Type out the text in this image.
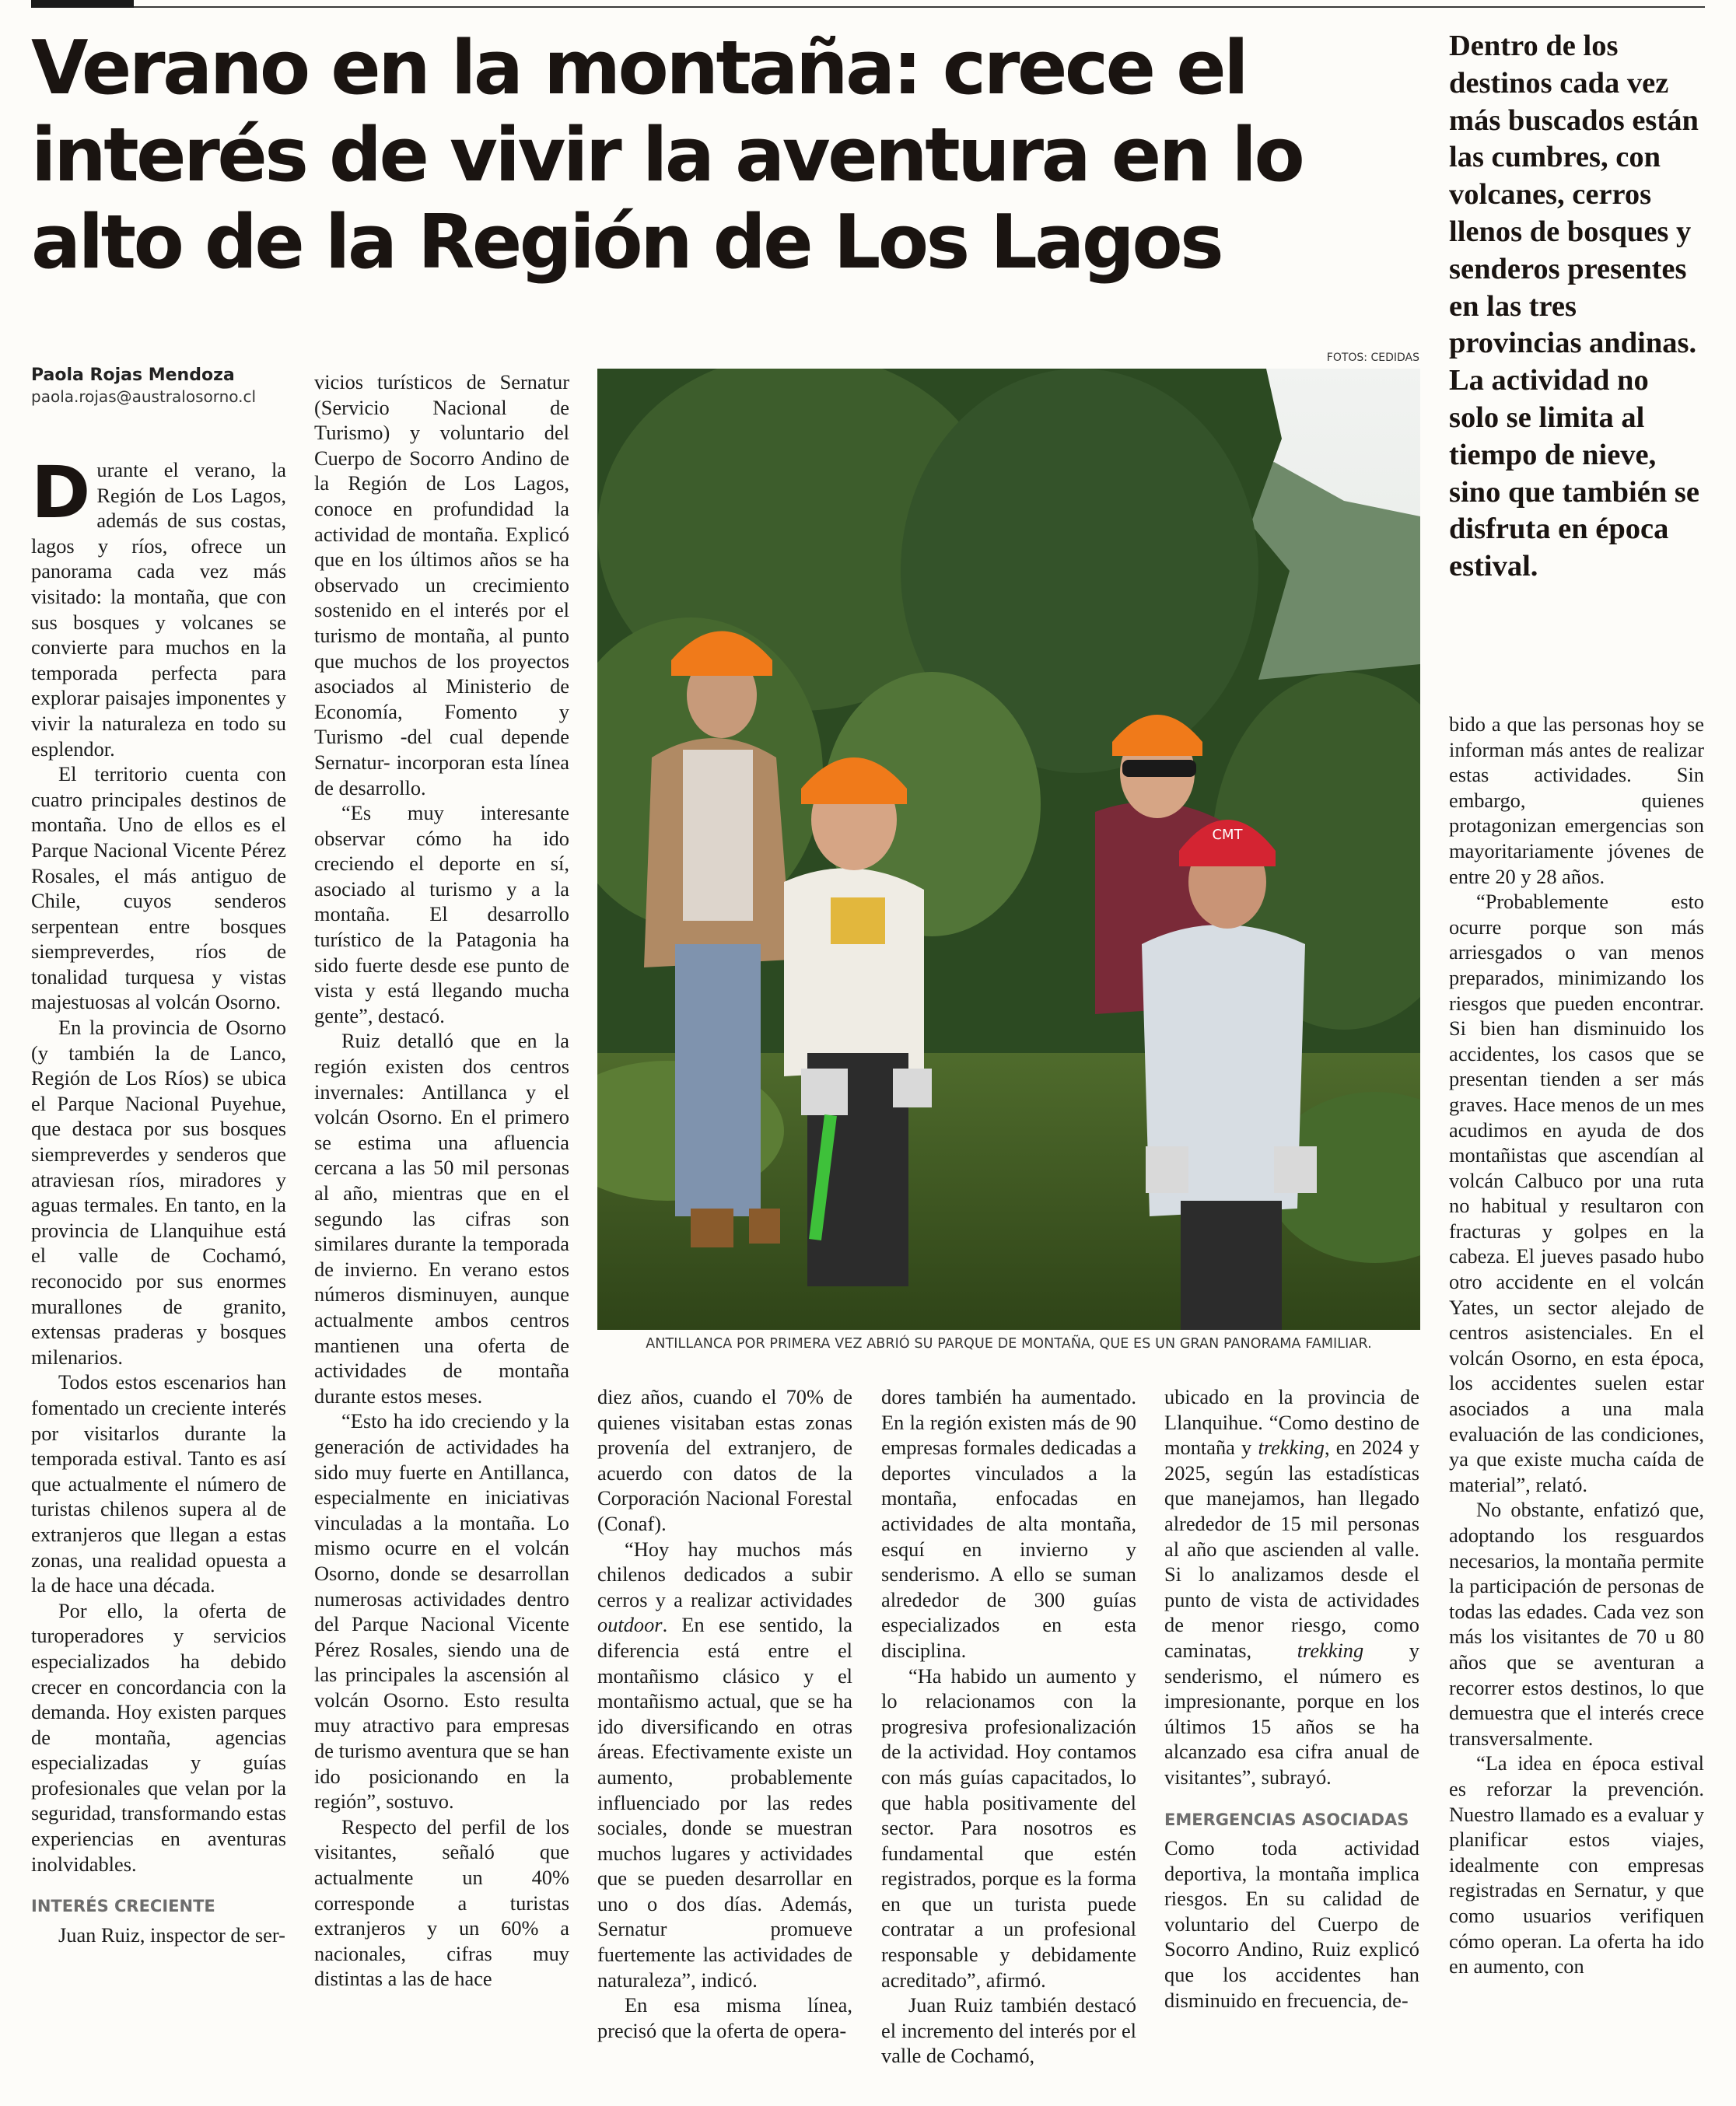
Verano en la montaña: crece el interés de vivir la aventura en lo alto de la Región de Los Lagos
Dentro de los destinos cada vez más buscados están las cumbres, con volcanes, cerros llenos de bosques y senderos presentes en las tres provincias andinas. La actividad no solo se limita al tiempo de nieve, sino que también se disfruta en época estival.
FOTOS: CEDIDAS
Paola Rojas Mendoza
paola.rojas@australosorno.cl

Durante el verano, la Región de Los Lagos, además de sus costas, lagos y ríos, ofrece un panorama cada vez más visitado: la montaña, que con sus bosques y volcanes se convierte para muchos en la temporada perfecta para explorar paisajes imponentes y vivir la naturaleza en todo su esplendor.

El territorio cuenta con cuatro principales destinos de montaña. Uno de ellos es el Parque Nacional Vicente Pérez Rosales, el más antiguo de Chile, cuyos senderos serpentean entre bosques siempreverdes, ríos de tonalidad turquesa y vistas majestuosas al volcán Osorno.

En la provincia de Osorno (y también la de Lanco, Región de Los Ríos) se ubica el Parque Nacional Puyehue, que destaca por sus bosques siempreverdes y senderos que atraviesan ríos, miradores y aguas termales. En tanto, en la provincia de Llanquihue está el valle de Cochamó, reconocido por sus enormes murallones de granito, extensas praderas y bosques milenarios.

Todos estos escenarios han fomentado un creciente interés por visitarlos durante la temporada estival. Tanto es así que actualmente el número de turistas chilenos supera al de extranjeros que llegan a estas zonas, una realidad opuesta a la de hace una década.

Por ello, la oferta de turoperadores y servicios especializados ha debido crecer en concordancia con la demanda. Hoy existen parques de montaña, agencias especializadas y guías profesionales que velan por la seguridad, transformando estas experiencias en aventuras inolvidables.

INTERÉS CRECIENTE

Juan Ruiz, inspector de ser-

vicios turísticos de Sernatur (Servicio Nacional de Turismo) y voluntario del Cuerpo de Socorro Andino de la Región de Los Lagos, conoce en profundidad la actividad de montaña. Explicó que en los últimos años se ha observado un crecimiento sostenido en el interés por el turismo de montaña, al punto que muchos de los proyectos asociados al Ministerio de Economía, Fomento y Turismo -del cual depende Sernatur- incorporan esta línea de desarrollo.

“Es muy interesante observar cómo ha ido creciendo el deporte en sí, asociado al turismo y a la montaña. El desarrollo turístico de la Patagonia ha sido fuerte desde ese punto de vista y está llegando mucha gente”, destacó.

Ruiz detalló que en la región existen dos centros invernales: Antillanca y el volcán Osorno. En el primero se estima una afluencia cercana a las 50 mil personas al año, mientras que en el segundo las cifras son similares durante la temporada de invierno. En verano estos números disminuyen, aunque actualmente ambos centros mantienen una oferta de actividades de montaña durante estos meses.

“Esto ha ido creciendo y la generación de actividades ha sido muy fuerte en Antillanca, especialmente en iniciativas vinculadas a la montaña. Lo mismo ocurre en el volcán Osorno, donde se desarrollan numerosas actividades dentro del Parque Nacional Vicente Pérez Rosales, siendo una de las principales la ascensión al volcán Osorno. Esto resulta muy atractivo para empresas de turismo aventura que se han ido posicionando en la región”, sostuvo.

Respecto del perfil de los visitantes, señaló que actualmente un 40% corresponde a turistas extranjeros y un 60% a nacionales, cifras muy distintas a las de hace

CMT
ANTILLANCA POR PRIMERA VEZ ABRIÓ SU PARQUE DE MONTAÑA, QUE ES UN GRAN PANORAMA FAMILIAR.

diez años, cuando el 70% de quienes visitaban estas zonas provenía del extranjero, de acuerdo con datos de la Corporación Nacional Forestal (Conaf).

“Hoy hay muchos más chilenos dedicados a subir cerros y a realizar actividades outdoor. En ese sentido, la diferencia está entre el montañismo clásico y el montañismo actual, que se ha ido diversificando en otras áreas. Efectivamente existe un aumento, probablemente influenciado por las redes sociales, donde se muestran muchos lugares y actividades que se pueden desarrollar en uno o dos días. Además, Sernatur promueve fuertemente las actividades de naturaleza”, indicó.

En esa misma línea, precisó que la oferta de opera-

dores también ha aumentado. En la región existen más de 90 empresas formales dedicadas a deportes vinculados a la montaña, enfocadas en actividades de alta montaña, esquí en invierno y senderismo. A ello se suman alrededor de 300 guías especializados en esta disciplina.

“Ha habido un aumento y lo relacionamos con la progresiva profesionalización de la actividad. Hoy contamos con más guías capacitados, lo que habla positivamente del sector. Para nosotros es fundamental que estén registrados, porque es la forma en que un turista puede contratar a un profesional responsable y debidamente acreditado”, afirmó.

Juan Ruiz también destacó el incremento del interés por el valle de Cochamó,

ubicado en la provincia de Llanquihue. “Como destino de montaña y trekking, en 2024 y 2025, según las estadísticas que manejamos, han llegado alrededor de 15 mil personas al año que ascienden al valle. Si lo analizamos desde el punto de vista de actividades de menor riesgo, como caminatas, trekking y senderismo, el número es impresionante, porque en los últimos 15 años se ha alcanzado esa cifra anual de visitantes”, subrayó.

EMERGENCIAS ASOCIADAS

Como toda actividad deportiva, la montaña implica riesgos. En su calidad de voluntario del Cuerpo de Socorro Andino, Ruiz explicó que los accidentes han disminuido en frecuencia, de-

bido a que las personas hoy se informan más antes de realizar estas actividades. Sin embargo, quienes protagonizan emergencias son mayoritariamente jóvenes de entre 20 y 28 años.

“Probablemente esto ocurre porque son más arriesgados o van menos preparados, minimizando los riesgos que pueden encontrar. Si bien han disminuido los accidentes, los casos que se presentan tienden a ser más graves. Hace menos de un mes acudimos en ayuda de dos montañistas que ascendían al volcán Calbuco por una ruta no habitual y resultaron con fracturas y golpes en la cabeza. El jueves pasado hubo otro accidente en el volcán Yates, un sector alejado de centros asistenciales. En el volcán Osorno, en esta época, los accidentes suelen estar asociados a una mala evaluación de las condiciones, ya que existe mucha caída de material”, relató.

No obstante, enfatizó que, adoptando los resguardos necesarios, la montaña permite la participación de personas de todas las edades. Cada vez son más los visitantes de 70 u 80 años que se aventuran a recorrer estos destinos, lo que demuestra que el interés crece transversalmente.

“La idea en época estival es reforzar la prevención. Nuestro llamado es a evaluar y planificar estos viajes, idealmente con empresas registradas en Sernatur, y que como usuarios verifiquen cómo operan. La oferta ha ido en aumento, con
